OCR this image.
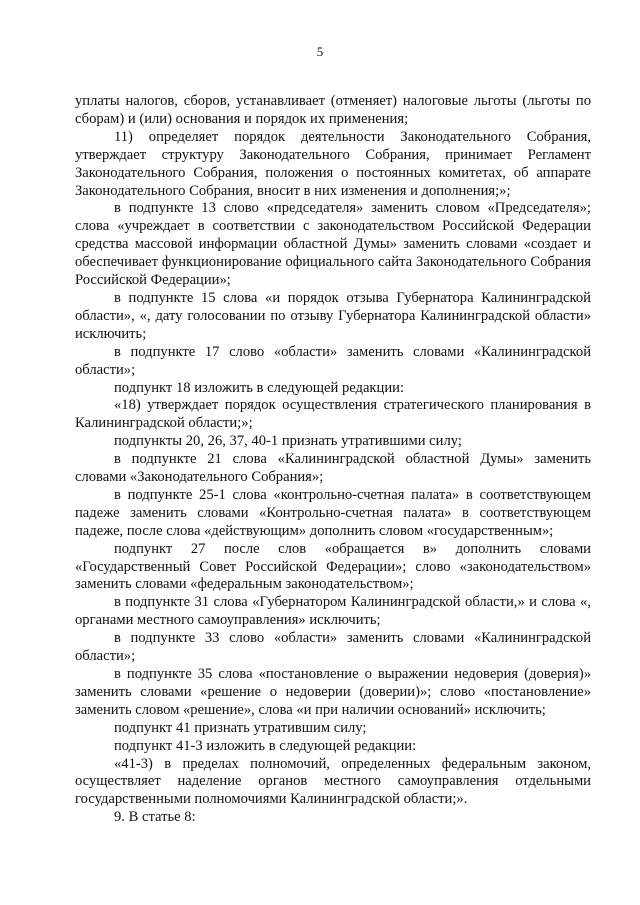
5

уплаты налогов, сборов, устанавливает (отменяет) налоговые льготы (льготы по сборам) и (или) основания и порядок их применения;

11) определяет порядок деятельности Законодательного Собрания, утверждает структуру Законодательного Собрания, принимает Регламент Законодательного Собрания, положения о постоянных комитетах, об аппарате Законодательного Собрания, вносит в них изменения и дополнения;»;

в подпункте 13 слово «председателя» заменить словом «Председателя»; слова «учреждает в соответствии с законодательством Российской Федерации средства массовой информации областной Думы» заменить словами «создает и обеспечивает функционирование официального сайта Законодательного Собрания Российской Федерации»;

в подпункте 15 слова «и порядок отзыва Губернатора Калининградской области», «, дату голосовании по отзыву Губернатора Калининградской области» исключить;

в подпункте 17 слово «области» заменить словами «Калининградской области»;

подпункт 18 изложить в следующей редакции:

«18) утверждает порядок осуществления стратегического планирования в Калининградской области;»;

подпункты 20, 26, 37, 40-1 признать утратившими силу;

в подпункте 21 слова «Калининградской областной Думы» заменить словами «Законодательного Собрания»;

в подпункте 25-1 слова «контрольно-счетная палата» в соответствующем падеже заменить словами «Контрольно-счетная палата» в соответствующем падеже, после слова «действующим» дополнить словом «государственным»;

подпункт 27 после слов «обращается в» дополнить словами «Государственный Совет Российской Федерации»; слово «законодательством» заменить словами «федеральным законодательством»;

в подпункте 31 слова «Губернатором Калининградской области,» и слова «, органами местного самоуправления» исключить;

в подпункте 33 слово «области» заменить словами «Калининградской области»;

в подпункте 35 слова «постановление о выражении недоверия (доверия)» заменить словами «решение о недоверии (доверии)»; слово «постановление» заменить словом «решение», слова «и при наличии оснований» исключить;

подпункт 41 признать утратившим силу;

подпункт 41-3 изложить в следующей редакции:

«41-3) в пределах полномочий, определенных федеральным законом, осуществляет наделение органов местного самоуправления отдельными государственными полномочиями Калининградской области;».

9. В статье 8:
